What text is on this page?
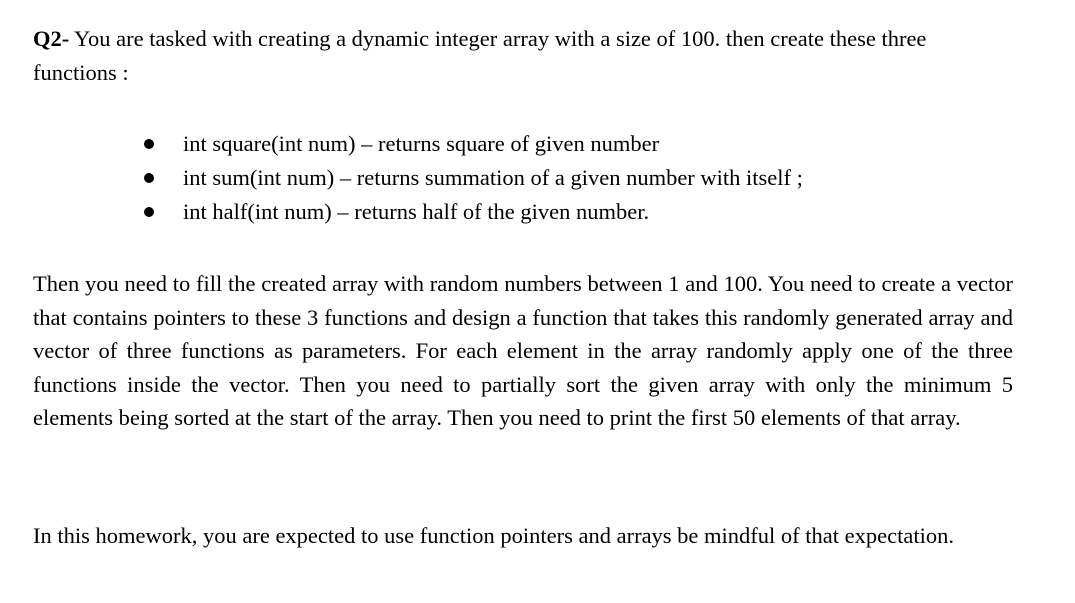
Q2- You are tasked with creating a dynamic integer array with a size of 100. then create these three functions :

int square(int num) – returns square of given number
int sum(int num) – returns summation of a given number with itself ;
int half(int num) – returns half of the given number.

Then you need to fill the created array with random numbers between 1 and 100. You need to create a vector that contains pointers to these 3 functions and design a function that takes this randomly generated array and vector of three functions as parameters. For each element in the array randomly apply one of the three functions inside the vector. Then you need to partially sort the given array with only the minimum 5 elements being sorted at the start of the array. Then you need to print the first 50 elements of that array.

In this homework, you are expected to use function pointers and arrays be mindful of that expectation.
